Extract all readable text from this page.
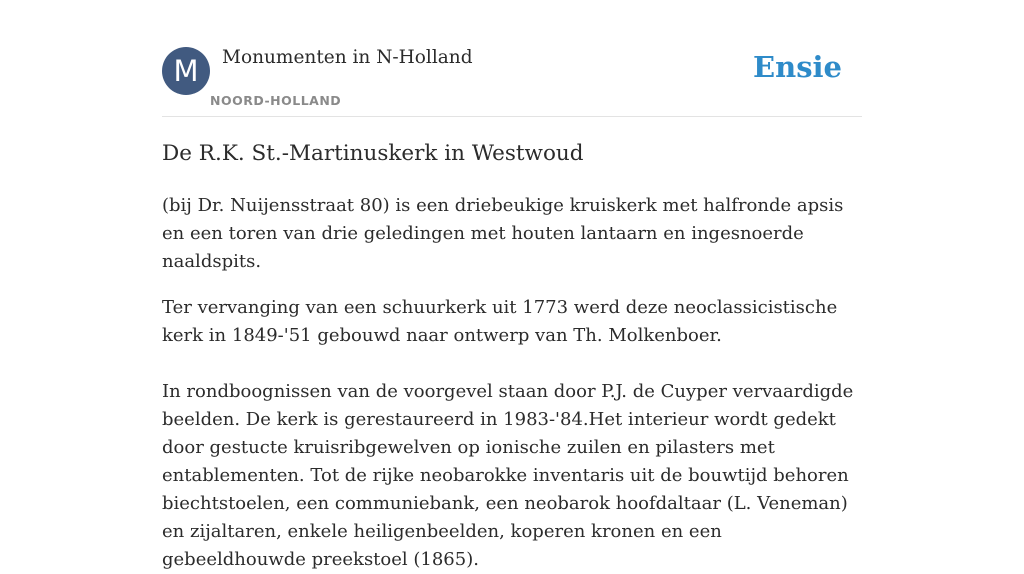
M	Monumenten in N-Holland
NOORD-HOLLAND
Ensie
De R.K. St.-Martinuskerk in Westwoud

(bij Dr. Nuijensstraat 80) is een driebeukige kruiskerk met halfronde apsis en een toren van drie geledingen met houten lantaarn en ingesnoerde naaldspits.

Ter vervanging van een schuurkerk uit 1773 werd deze neoclassicistische kerk in 1849-'51 gebouwd naar ontwerp van Th. Molkenboer.

In rondboognissen van de voorgevel staan door P.J. de Cuyper vervaardigde beelden. De kerk is gerestaureerd in 1983-'84.Het interieur wordt gedekt door gestucte kruisribgewelven op ionische zuilen en pilasters met entablementen. Tot de rijke neobarokke inventaris uit de bouwtijd behoren biechtstoelen, een communiebank, een neobarok hoofdaltaar (L. Veneman) en zijaltaren, enkele heiligenbeelden, koperen kronen en een gebeeldhouwde preekstoel (1865).
